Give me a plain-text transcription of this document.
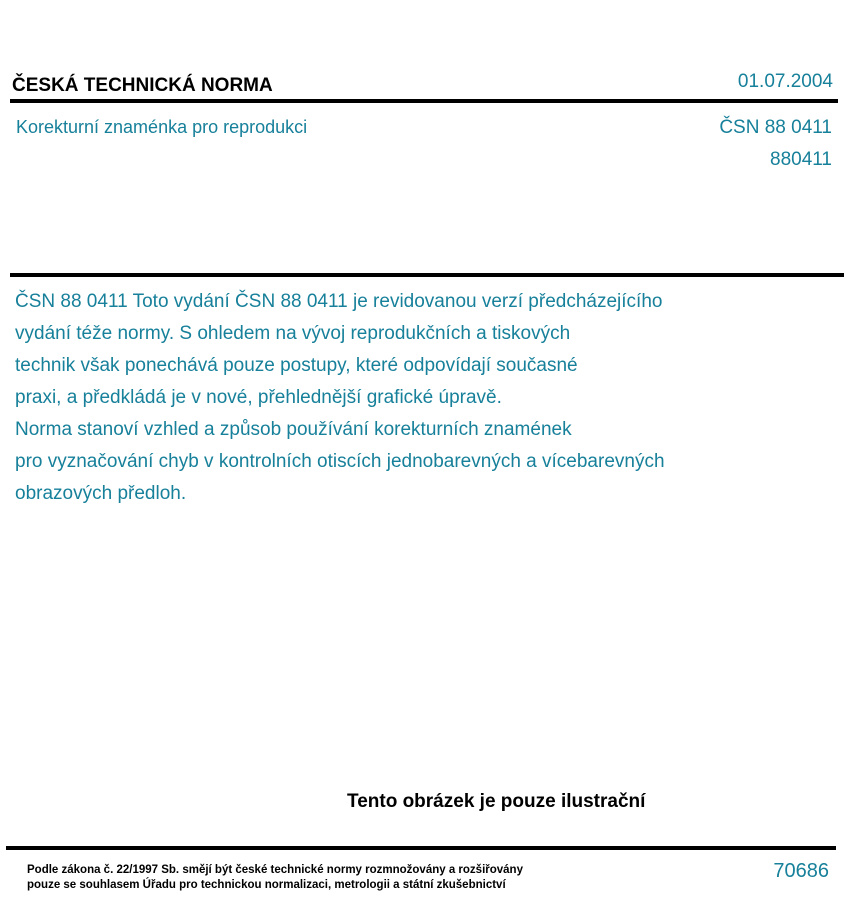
ČESKÁ TECHNICKÁ NORMA	01.07.2004
Korekturní znaménka pro reprodukci	ČSN 88 0411
880411
ČSN 88 0411 Toto vydání ČSN 88 0411 je revidovanou verzí předcházejícího
vydání téže normy. S ohledem na vývoj reprodukčních a tiskových
technik však ponechává pouze postupy, které odpovídají současné
praxi, a předkládá je v nové, přehlednější grafické úpravě.
Norma stanoví vzhled a způsob používání korekturních znamének
pro vyznačování chyb v kontrolních otiscích jednobarevných a vícebarevných
obrazových předloh.
Tento obrázek je pouze ilustrační
Podle zákona č. 22/1997 Sb. smějí být české technické normy rozmnožovány a rozšiřovány
pouze se souhlasem Úřadu pro technickou normalizaci, metrologii a státní zkušebnictví
70686
